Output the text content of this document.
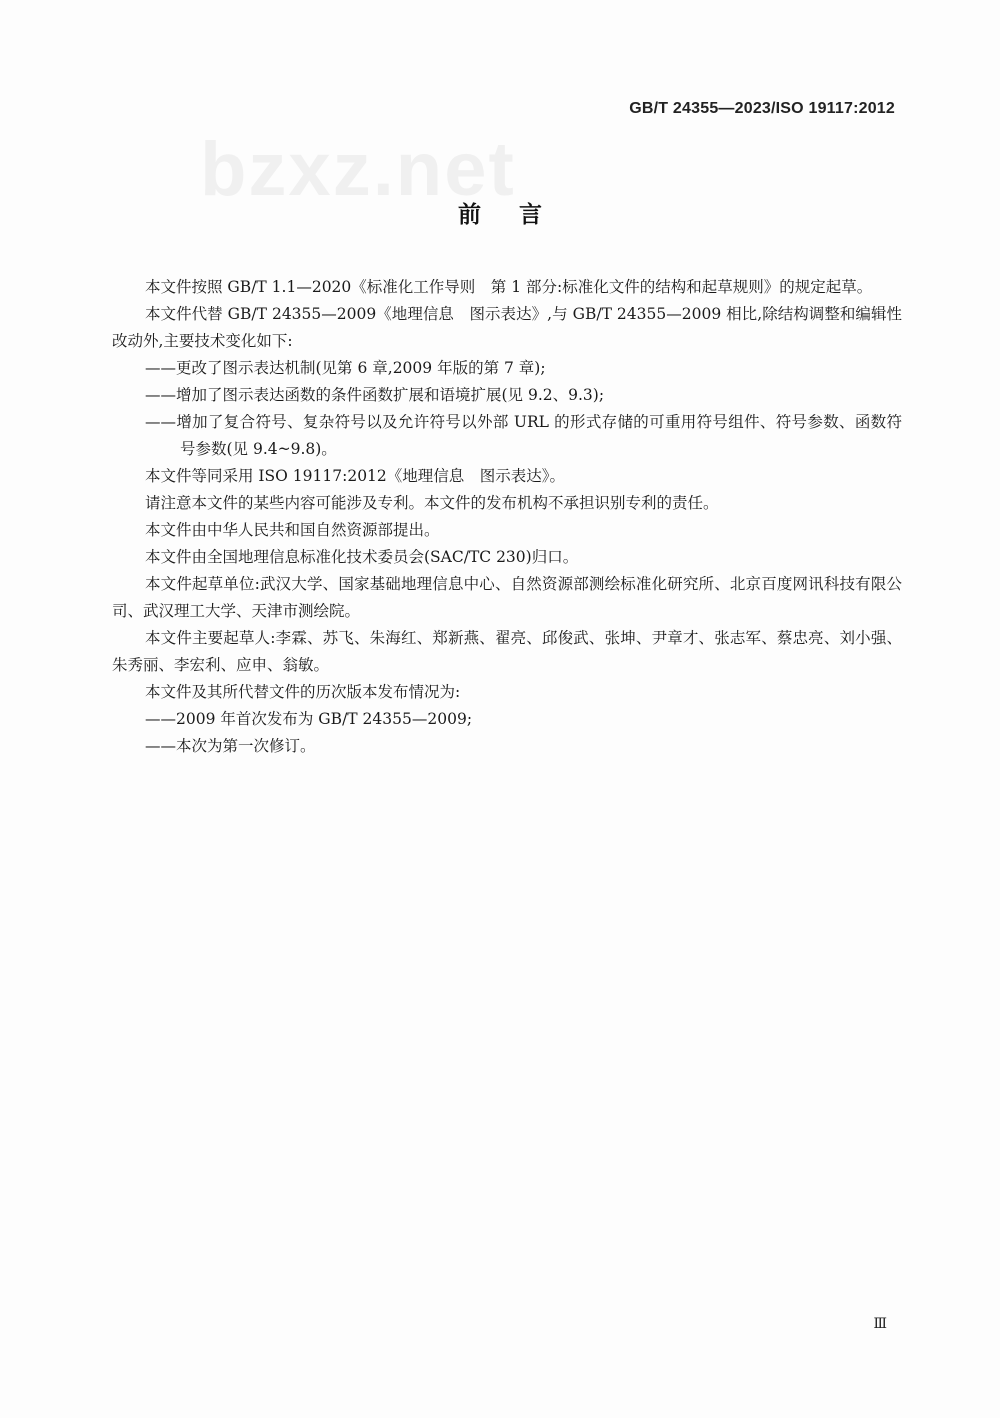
GB/T 24355—2023/ISO 19117:2012
bzxz.net
前言

本文件按照 GB/T 1.1—2020《标准化工作导则　第 1 部分:标准化文件的结构和起草规则》的规定起草。

本文件代替 GB/T 24355—2009《地理信息　图示表达》,与 GB/T 24355—2009 相比,除结构调整和编辑性改动外,主要技术变化如下:

——更改了图示表达机制(见第 6 章,2009 年版的第 7 章);

——增加了图示表达函数的条件函数扩展和语境扩展(见 9.2、9.3);

——增加了复合符号、复杂符号以及允许符号以外部 URL 的形式存储的可重用符号组件、符号参数、函数符号参数(见 9.4~9.8)。

本文件等同采用 ISO 19117:2012《地理信息　图示表达》。

请注意本文件的某些内容可能涉及专利。本文件的发布机构不承担识别专利的责任。

本文件由中华人民共和国自然资源部提出。

本文件由全国地理信息标准化技术委员会(SAC/TC 230)归口。

本文件起草单位:武汉大学、国家基础地理信息中心、自然资源部测绘标准化研究所、北京百度网讯科技有限公司、武汉理工大学、天津市测绘院。

本文件主要起草人:李霖、苏飞、朱海红、郑新燕、翟亮、邱俊武、张坤、尹章才、张志军、蔡忠亮、刘小强、朱秀丽、李宏利、应申、翁敏。

本文件及其所代替文件的历次版本发布情况为:

——2009 年首次发布为 GB/T 24355—2009;

——本次为第一次修订。

Ⅲ
